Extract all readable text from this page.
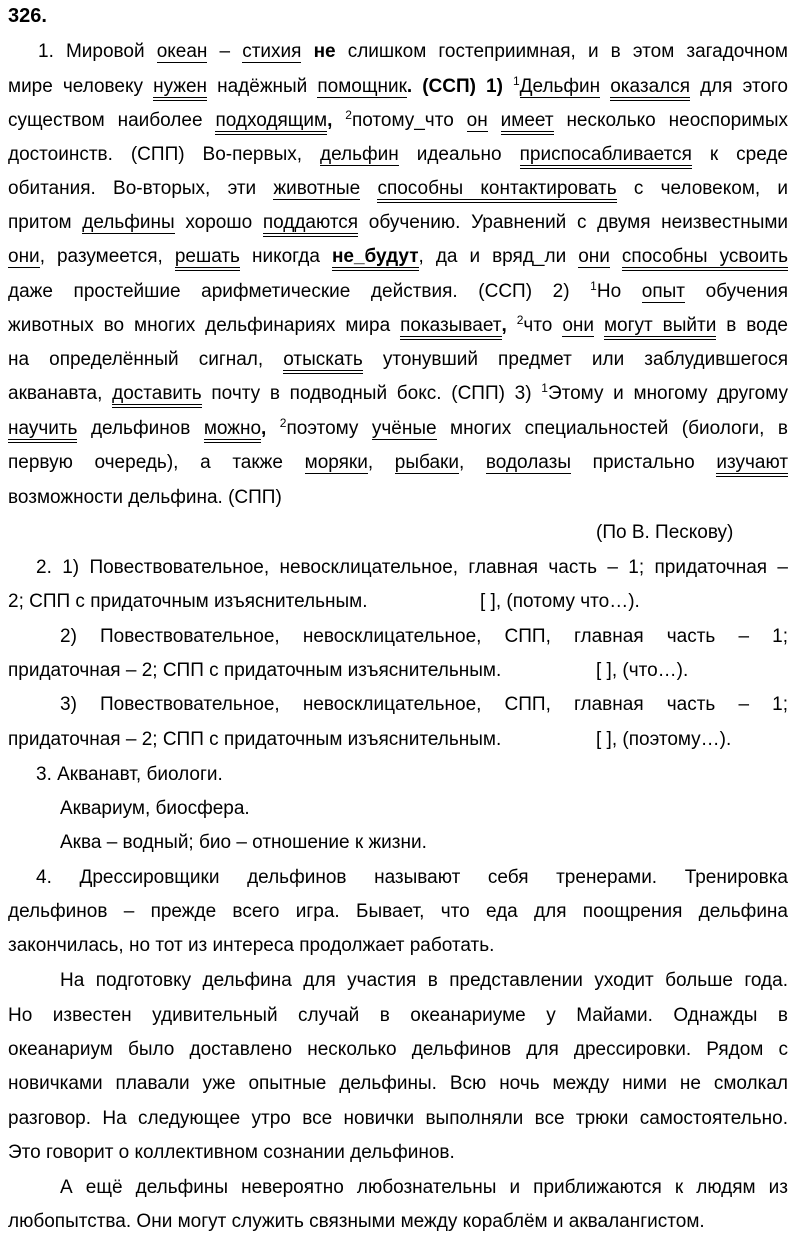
326.
1. Мировой океан – стихия не слишком гостеприимная, и в этом загадочном
мире человеку нужен надёжный помощник. (ССП) 1) $^1$Дельфин оказался для этого
существом наиболее подходящим, $^2$потому_что он имеет несколько неоспоримых
достоинств. (СПП) Во-первых, дельфин идеально приспосабливается к среде
обитания. Во-вторых, эти животные способны контактировать с человеком, и
притом дельфины хорошо поддаются обучению. Уравнений с двумя неизвестными
они, разумеется, решать никогда не_будут, да и вряд_ли они способны усвоить
даже простейшие арифметические действия. (ССП) 2) $^1$Но опыт обучения
животных во многих дельфинариях мира показывает, $^2$что они могут выйти в воде
на определённый сигнал, отыскать утонувший предмет или заблудившегося
акванавта, доставить почту в подводный бокс. (СПП) 3) $^1$Этому и многому другому
научить дельфинов можно, $^2$поэтому учёные многих специальностей (биологи, в
первую очередь), а также моряки, рыбаки, водолазы пристально изучают
возможности дельфина. (СПП)
(По В. Пескову)
2. 1) Повествовательное, невосклицательное, главная часть – 1; придаточная –
2; СПП с придаточным изъяснительным.	[ ], (потому что…).
2) Повествовательное, невосклицательное, СПП, главная часть – 1;
придаточная – 2; СПП с придаточным изъяснительным.	[ ], (что…).
3) Повествовательное, невосклицательное, СПП, главная часть – 1;
придаточная – 2; СПП с придаточным изъяснительным.	[ ], (поэтому…).
3. Акванавт, биологи.
Аквариум, биосфера.
Аква – водный; био – отношение к жизни.
4. Дрессировщики дельфинов называют себя тренерами. Тренировка
дельфинов – прежде всего игра. Бывает, что еда для поощрения дельфина
закончилась, но тот из интереса продолжает работать.
На подготовку дельфина для участия в представлении уходит больше года.
Но известен удивительный случай в океанариуме у Майами. Однажды в
океанариум было доставлено несколько дельфинов для дрессировки. Рядом с
новичками плавали уже опытные дельфины. Всю ночь между ними не смолкал
разговор. На следующее утро все новички выполняли все трюки самостоятельно.
Это говорит о коллективном сознании дельфинов.
А ещё дельфины невероятно любознательны и приближаются к людям из
любопытства. Они могут служить связными между кораблём и аквалангистом.
